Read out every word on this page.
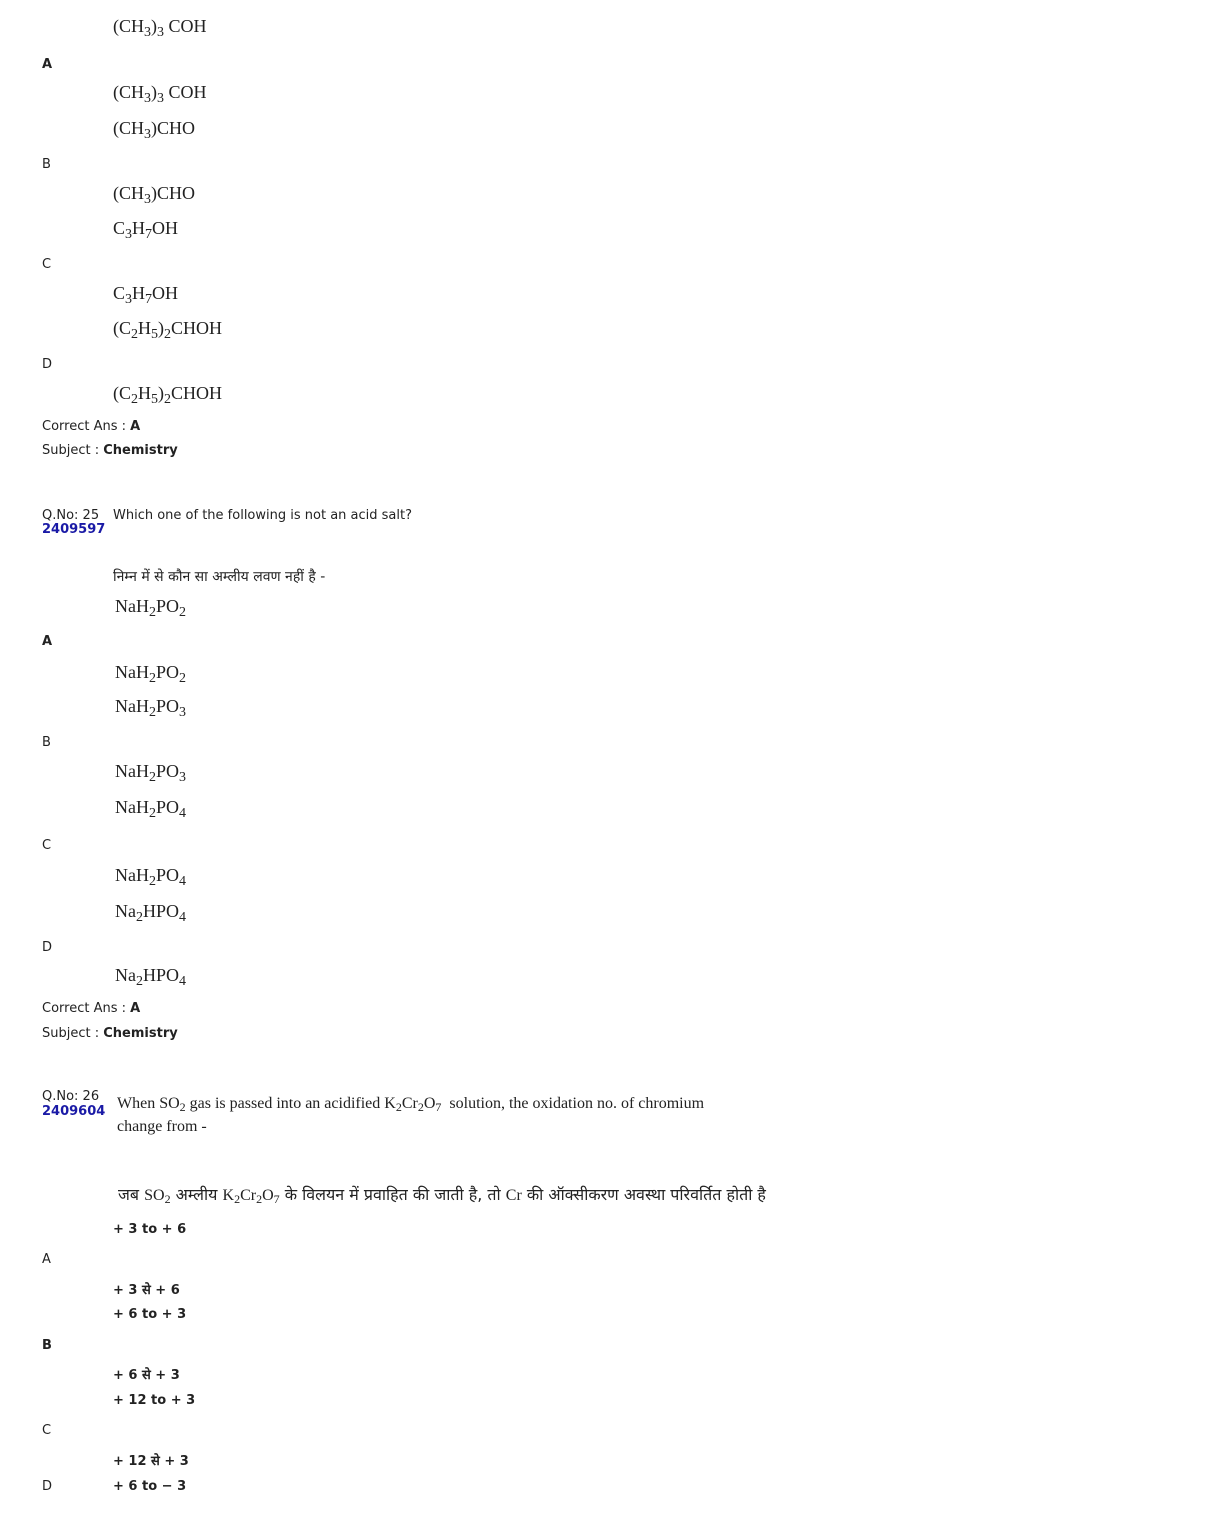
$(CH_3)_3$ COH
A
$(CH_3)_3$ COH
$(CH_3)CHO$
B
$(CH_3)CHO$
$C_3H_7OH$
C
$C_3H_7OH$
$(C_2H_5)_2CHOH$
D
$(C_2H_5)_2CHOH$
Correct Ans : A
Subject : Chemistry
Q.No: 25
2409597
Which one of the following is not an acid salt?
निम्न में से कौन सा अम्लीय लवण नहीं है -
$NaH_2PO_2$
A
$NaH_2PO_2$
$NaH_2PO_3$
B
$NaH_2PO_3$
$NaH_2PO_4$
C
$NaH_2PO_4$
$Na_2HPO_4$
D
$Na_2HPO_4$
Correct Ans : A
Subject : Chemistry
Q.No: 26
2409604 When $SO_2$ gas is passed into an acidified $K_2Cr_2O_7$  solution, the oxidation no. of chromium
change from -
जब $SO_2$ अम्लीय $K_2Cr_2O_7$ के विलयन में प्रवाहित की जाती है, तो Cr की ऑक्सीकरण अवस्था परिवर्तित होती है
+ 3 to + 6
A
+ 3 से + 6
+ 6 to + 3
B
+ 6 से + 3
+ 12 to + 3
C
+ 12 से + 3
D	+ 6 to − 3
